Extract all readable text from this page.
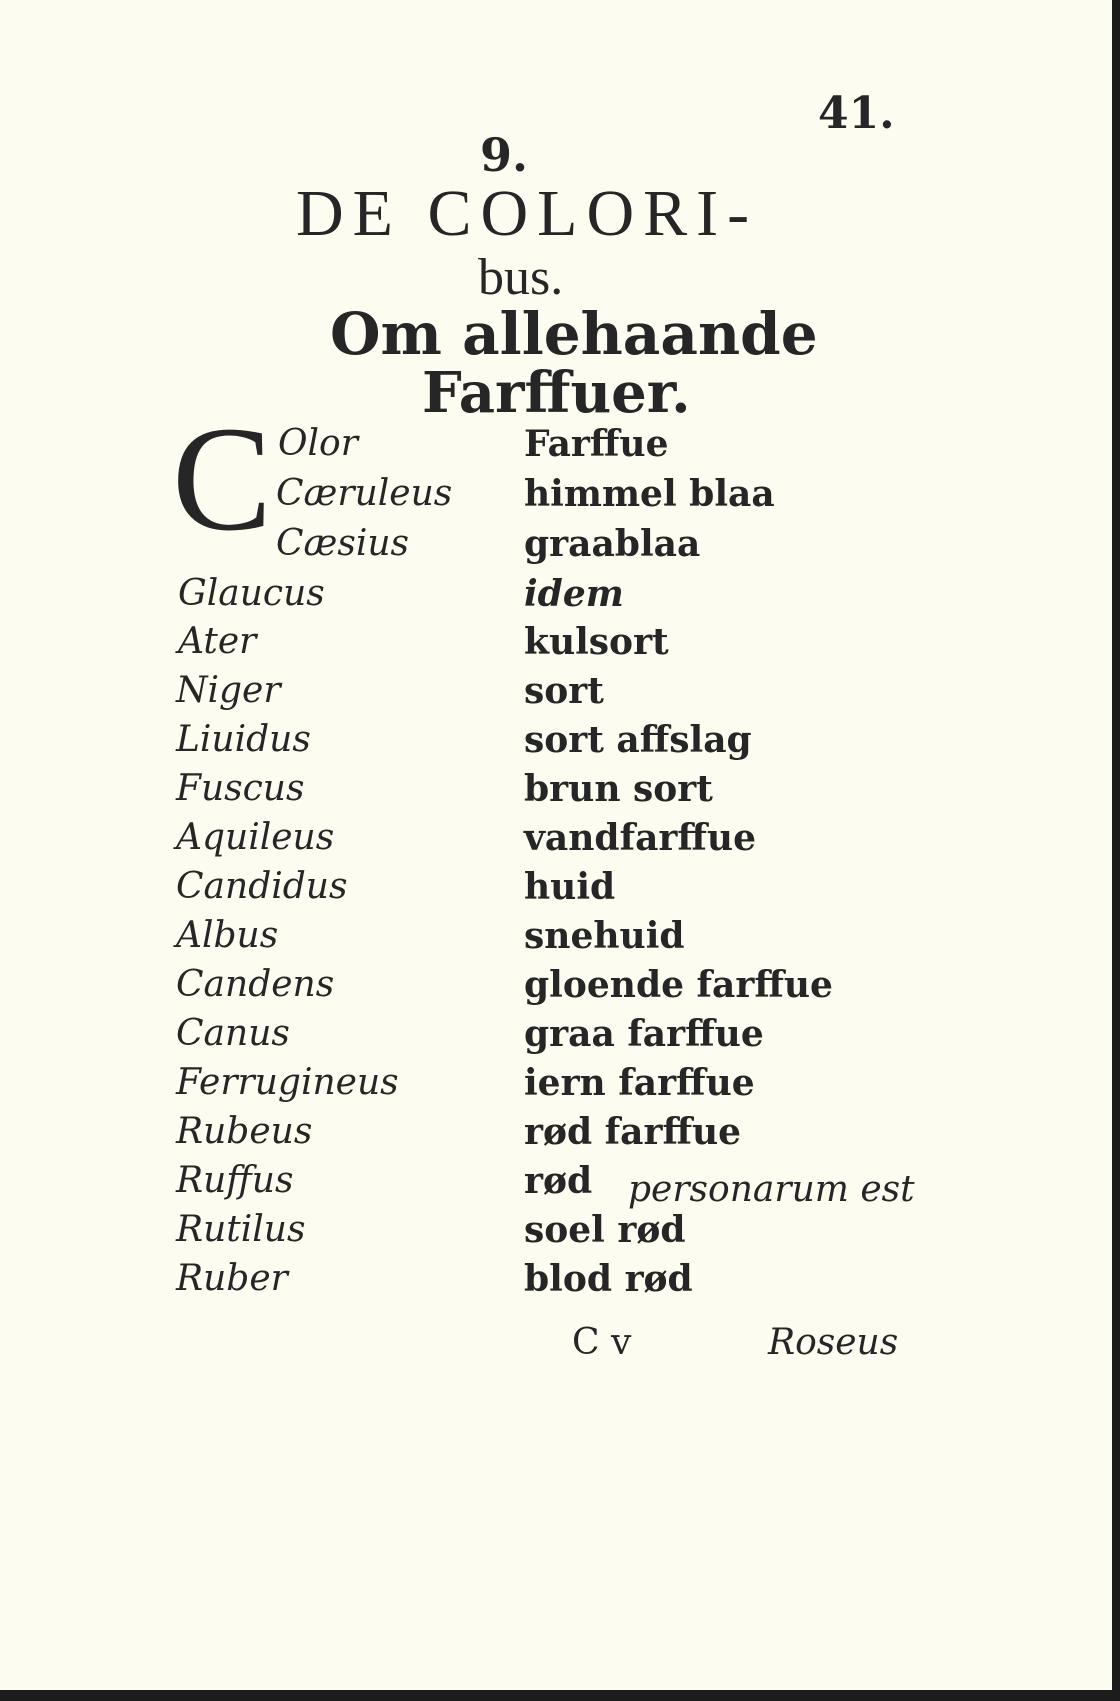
41.
9.
DE COLORI-
bus.
Om allehaande
Farffuer.
C Olor
Cæruleus
Cæsius
Glaucus
Ater
Niger
Liuidus
Fuscus
Aquileus
Candidus
Albus
Candens
Canus
Ferrugineus
Rubeus
Ruffus
Rutilus
Ruber
Farffue
himmel blaa
graablaa
idem
kulsort
sort
sort affslag
brun sort
vandfarffue
huid
snehuid
gloende farffue
graa farffue
iern farffue
rød farffue
rød
soel rød
blod rød
personarum est
C v	Roseus
